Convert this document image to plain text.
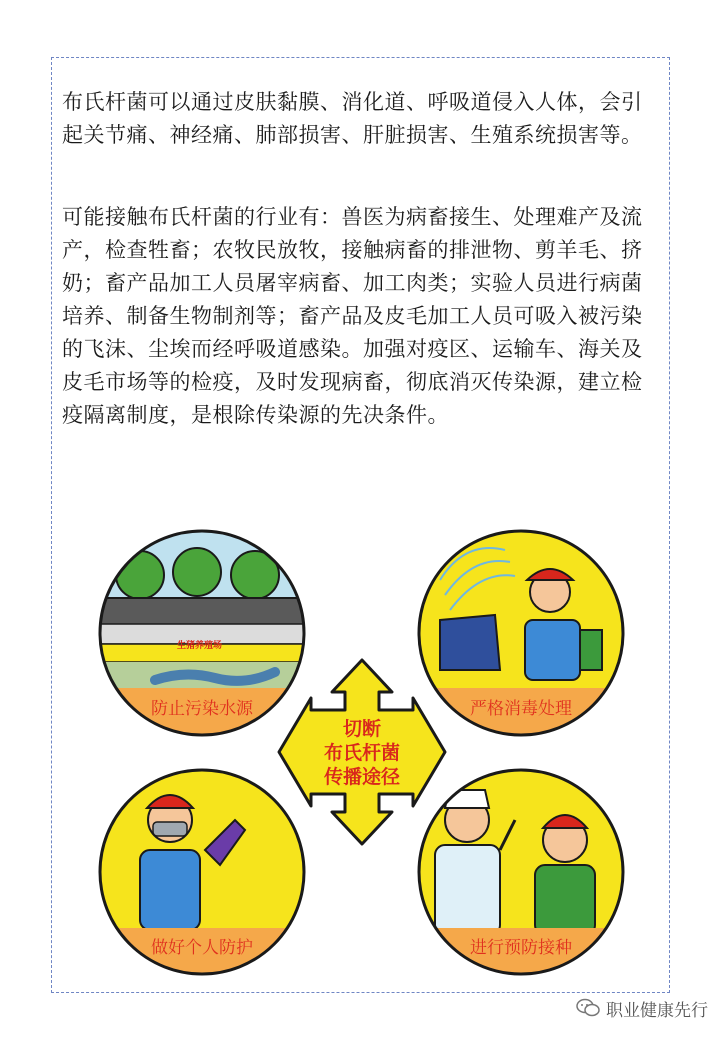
布氏杆菌可以通过皮肤黏膜、消化道、呼吸道侵入人体，会引起关节痛、神经痛、肺部损害、肝脏损害、生殖系统损害等。

可能接触布氏杆菌的行业有：兽医为病畜接生、处理难产及流产，检查牲畜；农牧民放牧，接触病畜的排泄物、剪羊毛、挤奶；畜产品加工人员屠宰病畜、加工肉类；实验人员进行病菌培养、制备生物制剂等；畜产品及皮毛加工人员可吸入被污染的飞沫、尘埃而经呼吸道感染。加强对疫区、运输车、海关及皮毛市场等的检疫，及时发现病畜，彻底消灭传染源，建立检疫隔离制度，是根除传染源的先决条件。

生猪养殖场
防止污染水源	严格消毒处理
做好个人防护	进行预防接种
切断
布氏杆菌
传播途径
职业健康先行
